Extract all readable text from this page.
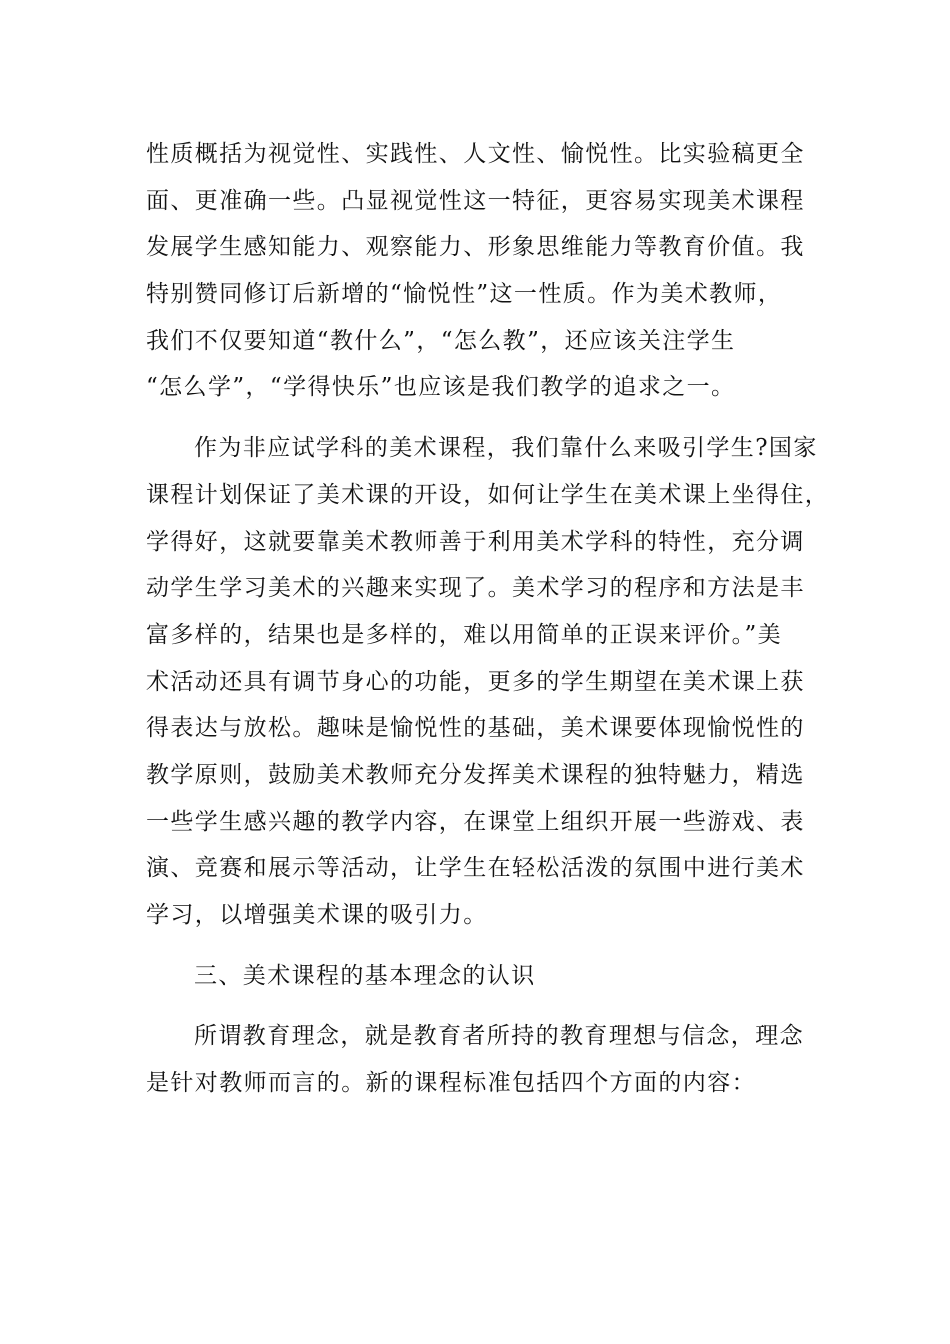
性质概括为视觉性、实践性、人文性、愉悦性。比实验稿更全
面、更准确一些。凸显视觉性这一特征，更容易实现美术课程
发展学生感知能力、观察能力、形象思维能力等教育价值。我
特别赞同修订后新增的“愉悦性”这一性质。作为美术教师，
我们不仅要知道“教什么”，“怎么教”，还应该关注学生
“怎么学”，“学得快乐”也应该是我们教学的追求之一。
作为非应试学科的美术课程，我们靠什么来吸引学生?国家
课程计划保证了美术课的开设，如何让学生在美术课上坐得住，
学得好，这就要靠美术教师善于利用美术学科的特性，充分调
动学生学习美术的兴趣来实现了。美术学习的程序和方法是丰
富多样的，结果也是多样的，难以用简单的正误来评价。”美
术活动还具有调节身心的功能，更多的学生期望在美术课上获
得表达与放松。趣味是愉悦性的基础，美术课要体现愉悦性的
教学原则，鼓励美术教师充分发挥美术课程的独特魅力，精选
一些学生感兴趣的教学内容，在课堂上组织开展一些游戏、表
演、竞赛和展示等活动，让学生在轻松活泼的氛围中进行美术
学习，以增强美术课的吸引力。
三、美术课程的基本理念的认识
所谓教育理念，就是教育者所持的教育理想与信念，理念
是针对教师而言的。新的课程标准包括四个方面的内容：
